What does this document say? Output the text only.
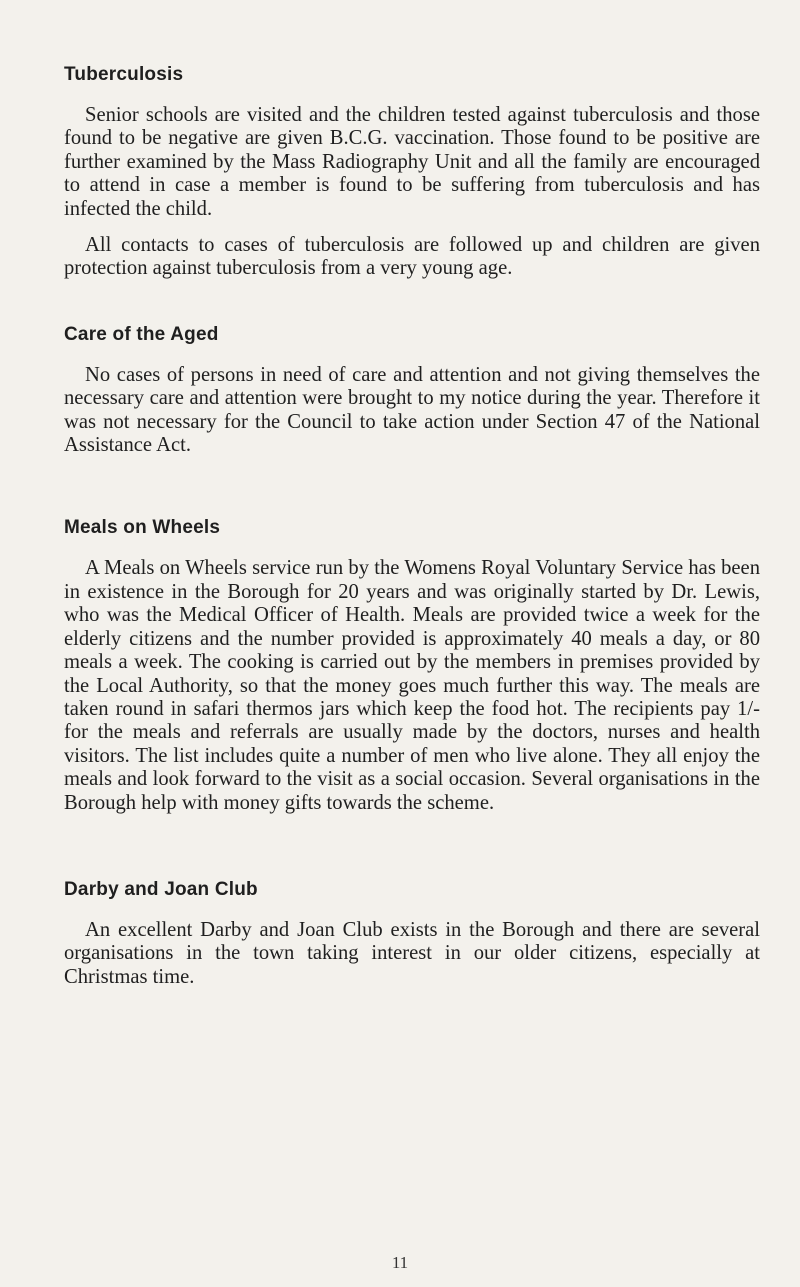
Tuberculosis

Senior schools are visited and the children tested against tuberculosis and those found to be negative are given B.C.G. vaccination. Those found to be positive are further examined by the Mass Radiography Unit and all the family are encouraged to attend in case a member is found to be suffering from tuberculosis and has infected the child.

All contacts to cases of tuberculosis are followed up and children are given protection against tuberculosis from a very young age.

Care of the Aged

No cases of persons in need of care and attention and not giving themselves the necessary care and attention were brought to my notice during the year. Therefore it was not necessary for the Council to take action under Section 47 of the National Assistance Act.

Meals on Wheels

A Meals on Wheels service run by the Womens Royal Voluntary Service has been in existence in the Borough for 20 years and was originally started by Dr. Lewis, who was the Medical Officer of Health. Meals are provided twice a week for the elderly citizens and the number provided is approximately 40 meals a day, or 80 meals a week. The cooking is carried out by the members in premises provided by the Local Authority, so that the money goes much further this way. The meals are taken round in safari thermos jars which keep the food hot. The recipients pay 1/- for the meals and referrals are usually made by the doctors, nurses and health visitors. The list includes quite a number of men who live alone. They all enjoy the meals and look forward to the visit as a social occasion. Several organisations in the Borough help with money gifts towards the scheme.

Darby and Joan Club

An excellent Darby and Joan Club exists in the Borough and there are several organisations in the town taking interest in our older citizens, especially at Christmas time.

11
